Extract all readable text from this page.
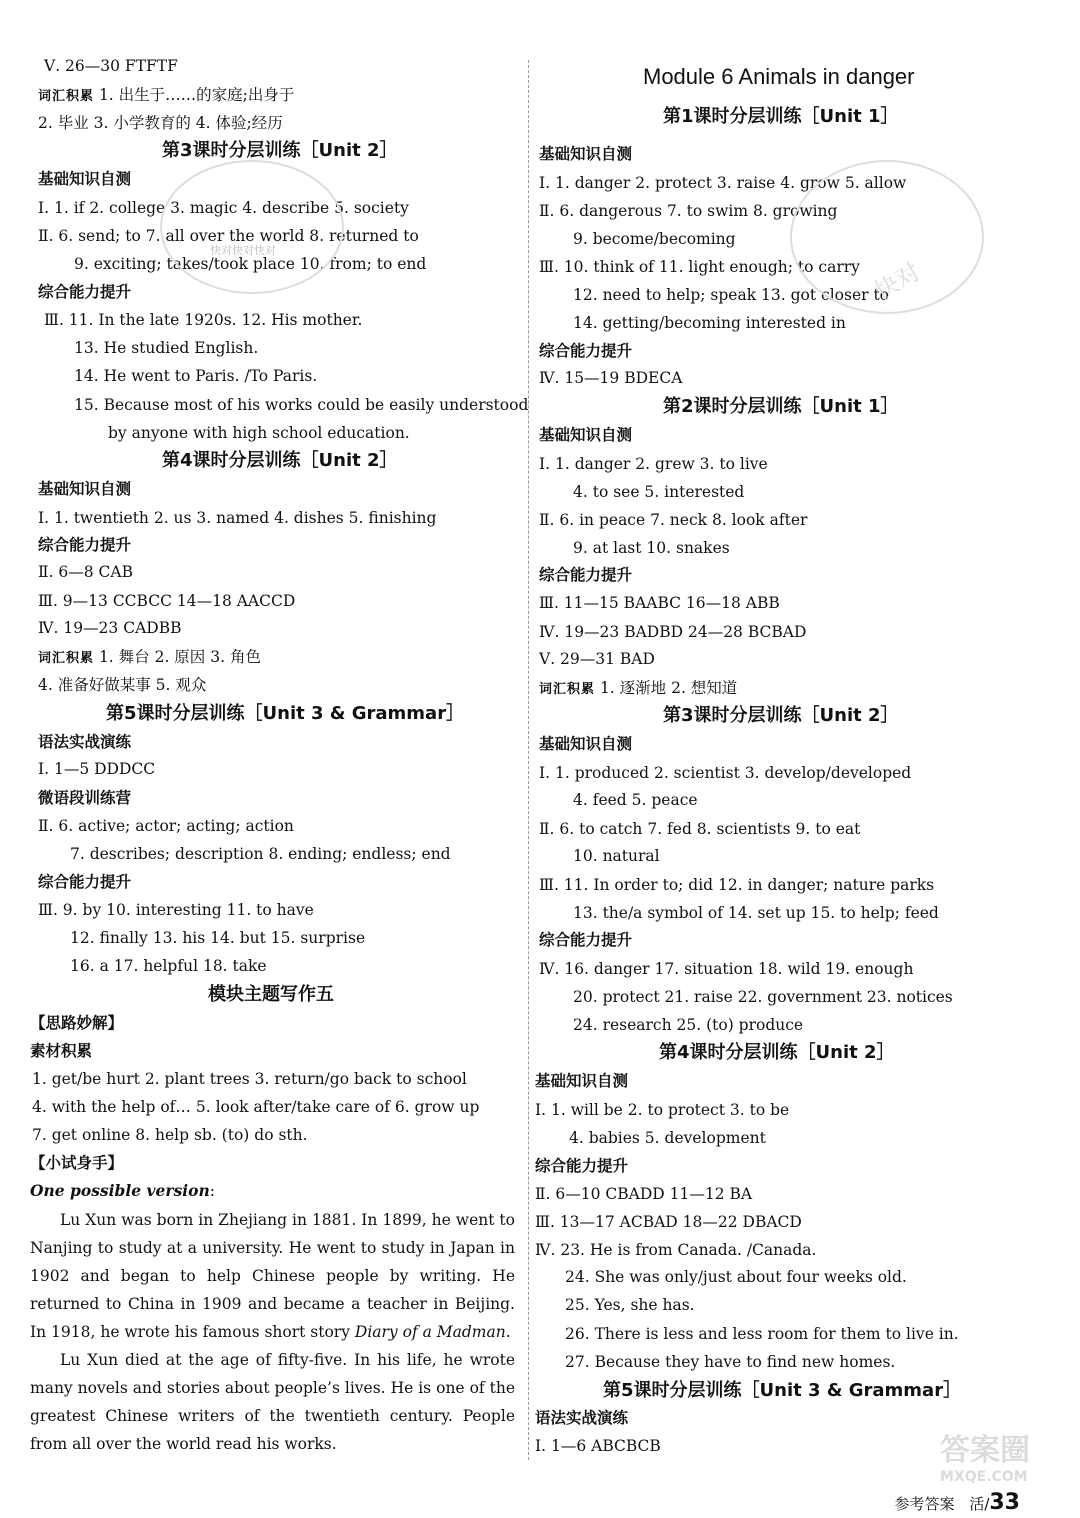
Ⅴ. 26—30 FTFTF
词汇积累 1. 出生于……的家庭;出身于
2. 毕业 3. 小学教育的 4. 体验;经历
第3课时分层训练［Unit 2］
基础知识自测
Ⅰ. 1. if 2. college 3. magic 4. describe 5. society
Ⅱ. 6. send; to 7. all over the world 8. returned to
9. exciting; takes/took place 10. from; to end
综合能力提升
Ⅲ. 11. In the late 1920s. 12. His mother.
13. He studied English.
14. He went to Paris. /To Paris.
15. Because most of his works could be easily understood
by anyone with high school education.
第4课时分层训练［Unit 2］
基础知识自测
Ⅰ. 1. twentieth 2. us 3. named 4. dishes 5. finishing
综合能力提升
Ⅱ. 6—8 CAB
Ⅲ. 9—13 CCBCC 14—18 AACCD
Ⅳ. 19—23 CADBB
词汇积累 1. 舞台 2. 原因 3. 角色
4. 准备好做某事 5. 观众
第5课时分层训练［Unit 3 & Grammar］
语法实战演练
Ⅰ. 1—5 DDDCC
微语段训练营
Ⅱ. 6. active; actor; acting; action
7. describes; description 8. ending; endless; end
综合能力提升
Ⅲ. 9. by 10. interesting 11. to have
12. finally 13. his 14. but 15. surprise
16. a 17. helpful 18. take
模块主题写作五
【思路妙解】
素材积累
1. get/be hurt 2. plant trees 3. return/go back to school
4. with the help of… 5. look after/take care of 6. grow up
7. get online 8. help sb. (to) do sth.
【小试身手】
One possible version:
Lu Xun was born in Zhejiang in 1881. In 1899, he went to Nanjing to study at a university. He went to study in Japan in 1902 and began to help Chinese people by writing. He returned to China in 1909 and became a teacher in Beijing. In 1918, he wrote his famous short story Diary of a Madman.
Lu Xun died at the age of fifty-five. In his life, he wrote many novels and stories about people’s lives. He is one of the greatest Chinese writers of the twentieth century. People from all over the world read his works.
Module 6 Animals in danger
第1课时分层训练［Unit 1］
基础知识自测
Ⅰ. 1. danger 2. protect 3. raise 4. grow 5. allow
Ⅱ. 6. dangerous 7. to swim 8. growing
9. become/becoming
Ⅲ. 10. think of 11. light enough; to carry
12. need to help; speak 13. got closer to
14. getting/becoming interested in
综合能力提升
Ⅳ. 15—19 BDECA
第2课时分层训练［Unit 1］
基础知识自测
Ⅰ. 1. danger 2. grew 3. to live
4. to see 5. interested
Ⅱ. 6. in peace 7. neck 8. look after
9. at last 10. snakes
综合能力提升
Ⅲ. 11—15 BAABC 16—18 ABB
Ⅳ. 19—23 BADBD 24—28 BCBAD
Ⅴ. 29—31 BAD
词汇积累 1. 逐渐地 2. 想知道
第3课时分层训练［Unit 2］
基础知识自测
Ⅰ. 1. produced 2. scientist 3. develop/developed
4. feed 5. peace
Ⅱ. 6. to catch 7. fed 8. scientists 9. to eat
10. natural
Ⅲ. 11. In order to; did 12. in danger; nature parks
13. the/a symbol of 14. set up 15. to help; feed
综合能力提升
Ⅳ. 16. danger 17. situation 18. wild 19. enough
20. protect 21. raise 22. government 23. notices
24. research 25. (to) produce
第4课时分层训练［Unit 2］
基础知识自测
Ⅰ. 1. will be 2. to protect 3. to be
4. babies 5. development
综合能力提升
Ⅱ. 6—10 CBADD 11—12 BA
Ⅲ. 13—17 ACBAD 18—22 DBACD
Ⅳ. 23. He is from Canada. /Canada.
24. She was only/just about four weeks old.
25. Yes, she has.
26. There is less and less room for them to live in.
27. Because they have to find new homes.
第5课时分层训练［Unit 3 & Grammar］
语法实战演练
Ⅰ. 1—6 ABCBCB
快对快对快对
快对
答案圈
MXQE.COM
参考答案 活/33
